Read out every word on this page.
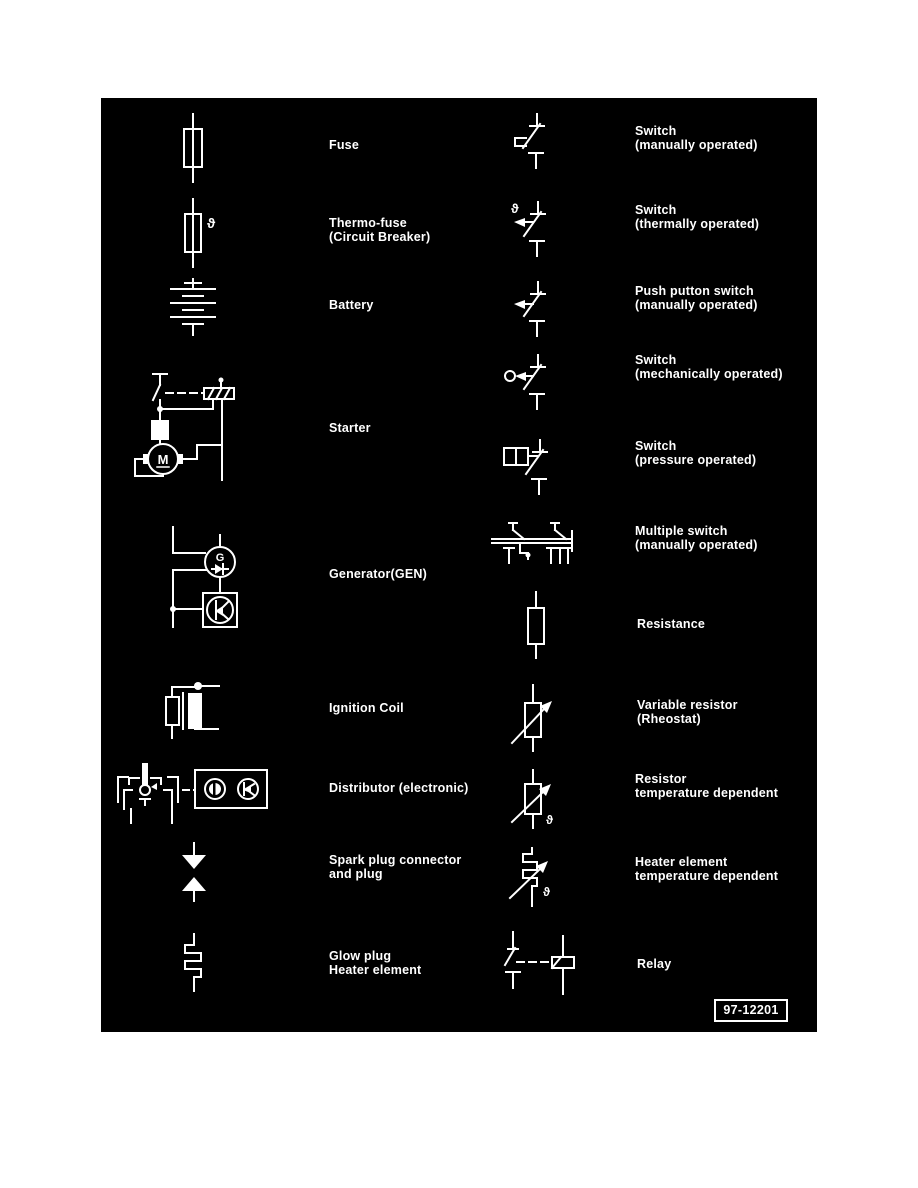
Fuse
ϑ	Thermo-fuse
(Circuit Breaker)
Battery
M
Starter
G
Generator(GEN)
Ignition Coil
Distributor (electronic)
Spark plug connector
and plug
Glow plug
Heater element
Switch
(manually operated)
ϑ	Switch
(thermally operated)
Push putton switch
(manually operated)
Switch
(mechanically operated)
Switch
(pressure operated)
Multiple switch
(manually operated)
Resistance
Variable resistor
(Rheostat)
ϑ
Resistor
temperature dependent
ϑ
Heater element
temperature dependent
Relay
97-12201
